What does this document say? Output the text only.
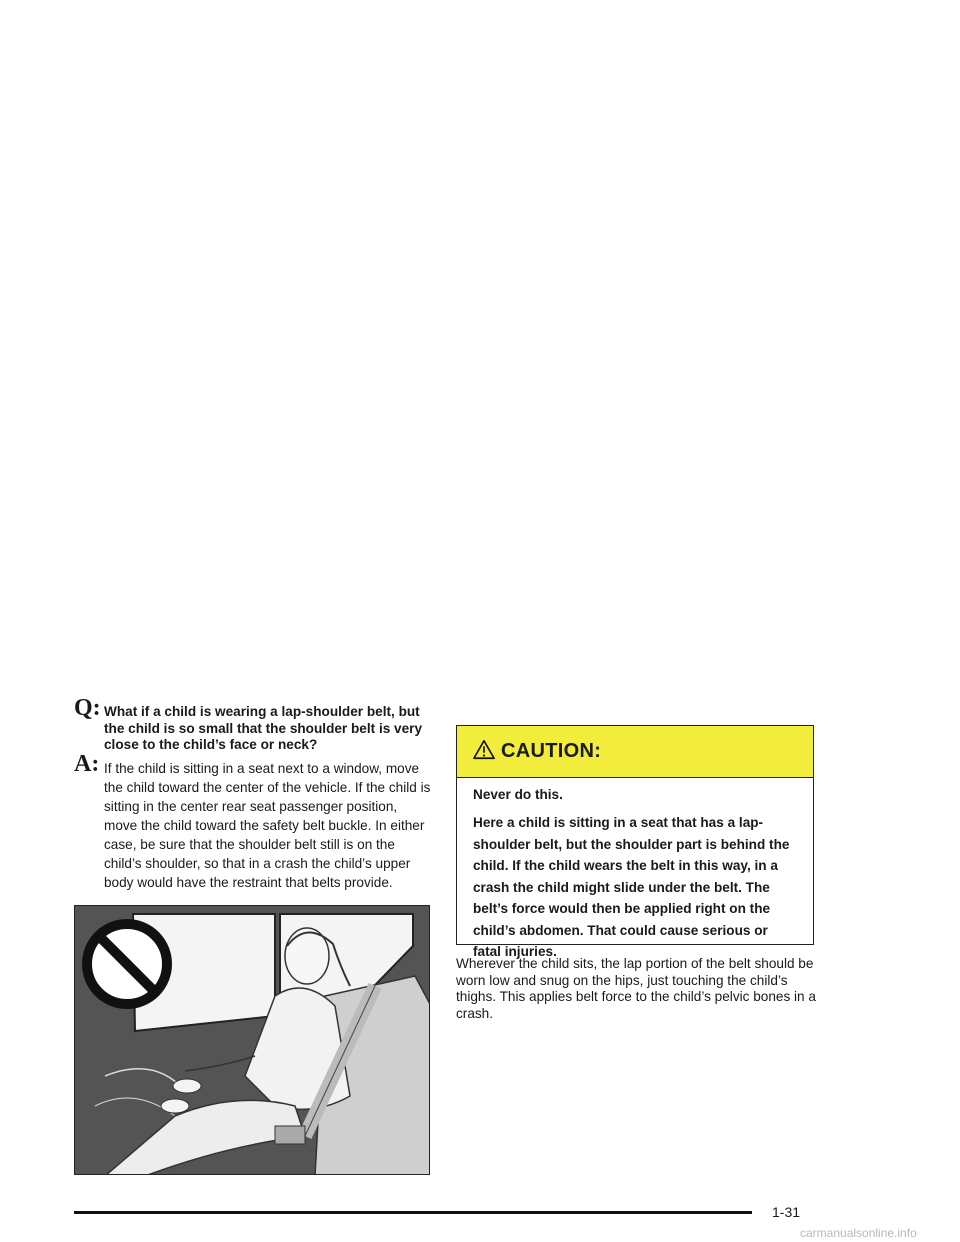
Q: What if a child is wearing a lap-shoulder belt, but the child is so small that the shoulder belt is very close to the child’s face or neck?
A: If the child is sitting in a seat next to a window, move the child toward the center of the vehicle. If the child is sitting in the center rear seat passenger position, move the child toward the safety belt buckle. In either case, be sure that the shoulder belt still is on the child’s shoulder, so that in a crash the child’s upper body would have the restraint that belts provide.
CAUTION:

Never do this.

Here a child is sitting in a seat that has a lap-shoulder belt, but the shoulder part is behind the child. If the child wears the belt in this way, in a crash the child might slide under the belt. The belt’s force would then be applied right on the child’s abdomen. That could cause serious or fatal injuries.

Wherever the child sits, the lap portion of the belt should be worn low and snug on the hips, just touching the child’s thighs. This applies belt force to the child’s pelvic bones in a crash.
1-31
carmanualsonline.info
